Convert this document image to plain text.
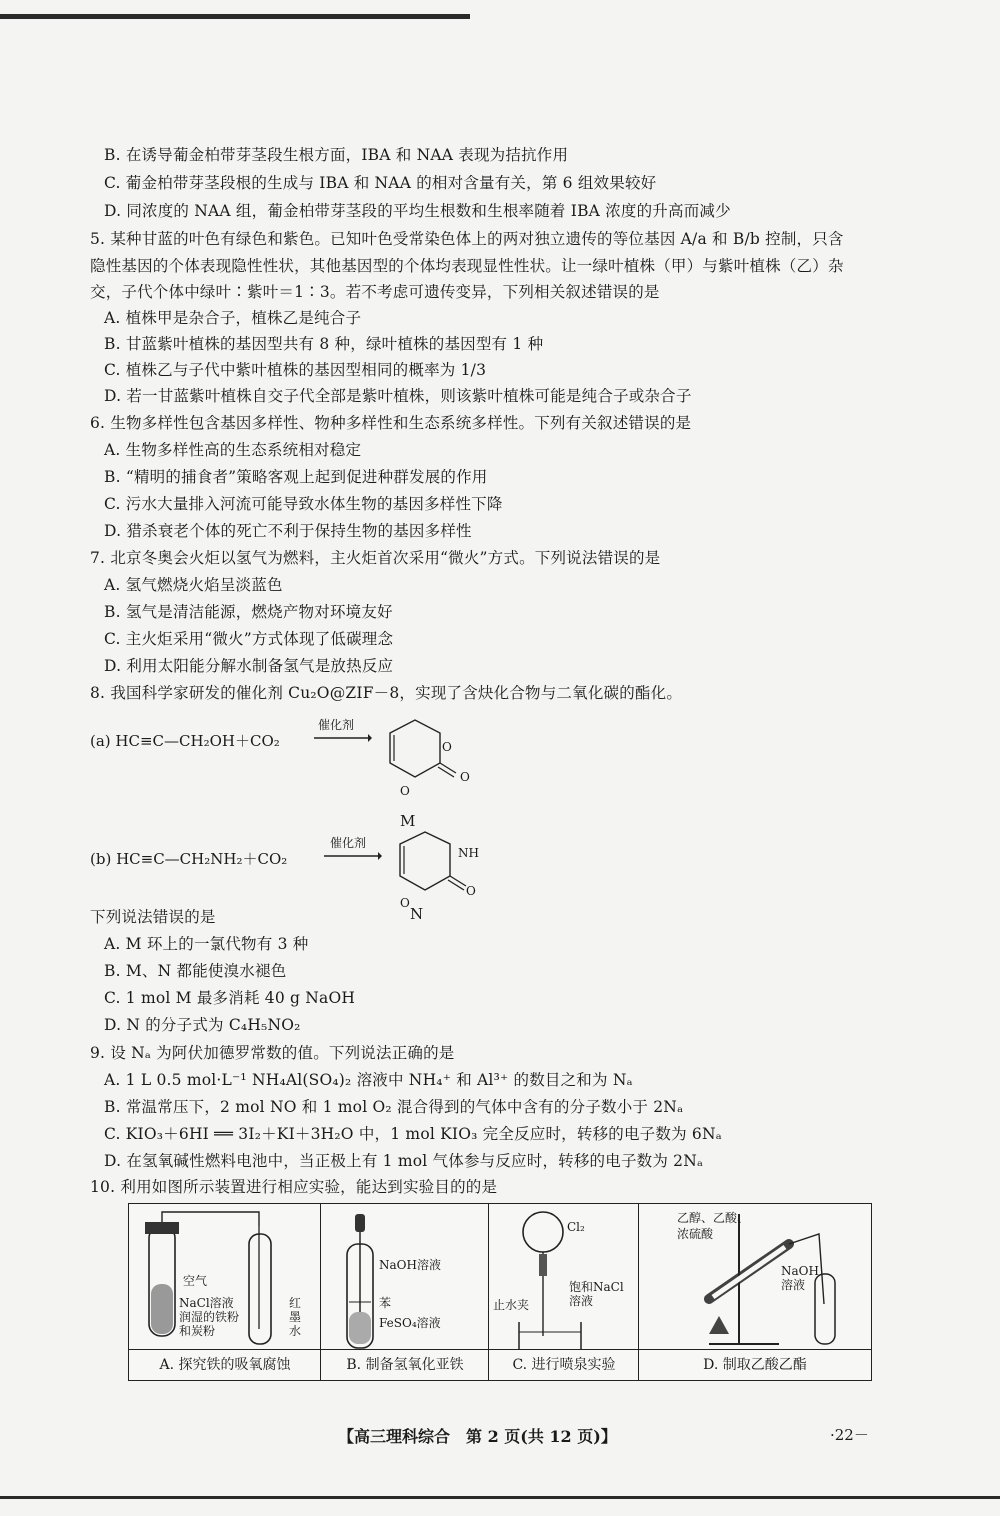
B. 在诱导葡金柏带芽茎段生根方面，IBA 和 NAA 表现为拮抗作用
C. 葡金柏带芽茎段根的生成与 IBA 和 NAA 的相对含量有关，第 6 组效果较好
D. 同浓度的 NAA 组，葡金柏带芽茎段的平均生根数和生根率随着 IBA 浓度的升高而减少
5. 某种甘蓝的叶色有绿色和紫色。已知叶色受常染色体上的两对独立遗传的等位基因 A/a 和 B/b 控制，只含
隐性基因的个体表现隐性性状，其他基因型的个体均表现显性性状。让一绿叶植株（甲）与紫叶植株（乙）杂
交，子代个体中绿叶∶紫叶＝1∶3。若不考虑可遗传变异，下列相关叙述错误的是
A. 植株甲是杂合子，植株乙是纯合子
B. 甘蓝紫叶植株的基因型共有 8 种，绿叶植株的基因型有 1 种
C. 植株乙与子代中紫叶植株的基因型相同的概率为 1/3
D. 若一甘蓝紫叶植株自交子代全部是紫叶植株，则该紫叶植株可能是纯合子或杂合子
6. 生物多样性包含基因多样性、物种多样性和生态系统多样性。下列有关叙述错误的是
A. 生物多样性高的生态系统相对稳定
B. “精明的捕食者”策略客观上起到促进种群发展的作用
C. 污水大量排入河流可能导致水体生物的基因多样性下降
D. 猎杀衰老个体的死亡不利于保持生物的基因多样性
7. 北京冬奥会火炬以氢气为燃料，主火炬首次采用“微火”方式。下列说法错误的是
A. 氢气燃烧火焰呈淡蓝色
B. 氢气是清洁能源，燃烧产物对环境友好
C. 主火炬采用“微火”方式体现了低碳理念
D. 利用太阳能分解水制备氢气是放热反应
8. 我国科学家研发的催化剂 Cu₂O@ZIF－8，实现了含炔化合物与二氧化碳的酯化。
(a) HC≡C—CH₂OH＋CO₂
催化剂
O
O
O
M
(b) HC≡C—CH₂NH₂＋CO₂
催化剂
NH
O
O
N
下列说法错误的是
A. M 环上的一氯代物有 3 种
B. M、N 都能使溴水褪色
C. 1 mol M 最多消耗 40 g NaOH
D. N 的分子式为 C₄H₅NO₂
9. 设 Nₐ 为阿伏加德罗常数的值。下列说法正确的是
A. 1 L 0.5 mol·L⁻¹ NH₄Al(SO₄)₂ 溶液中 NH₄⁺ 和 Al³⁺ 的数目之和为 Nₐ
B. 常温常压下，2 mol NO 和 1 mol O₂ 混合得到的气体中含有的分子数小于 2Nₐ
C. KIO₃＋6HI ══ 3I₂＋KI＋3H₂O 中，1 mol KIO₃ 完全反应时，转移的电子数为 6Nₐ
D. 在氢氧碱性燃料电池中，当正极上有 1 mol 气体参与反应时，转移的电子数为 2Nₐ
10. 利用如图所示装置进行相应实验，能达到实验目的的是
空气
NaCl溶液润湿的铁粉和炭粉
红墨水
A. 探究铁的吸氧腐蚀
NaOH溶液
苯
FeSO₄溶液
B. 制备氢氧化亚铁
Cl₂
止水夹
饱和NaCl溶液
C. 进行喷泉实验
乙醇、乙酸、浓硫酸
NaOH溶液
D. 制取乙酸乙酯
【高三理科综合　第 2 页(共 12 页)】	·22－
